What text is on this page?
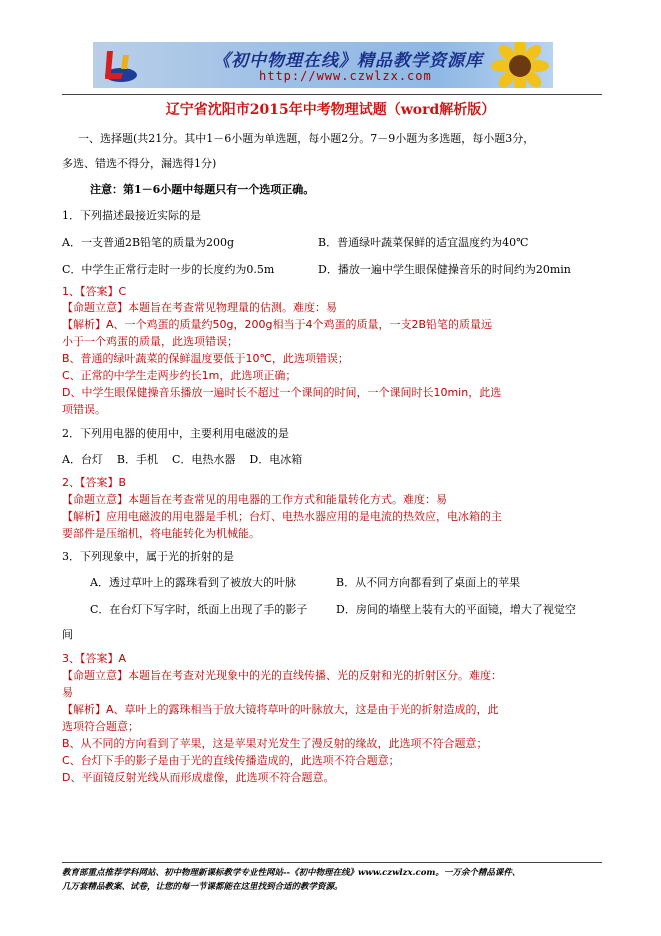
《初中物理在线》精品教学资源库
http://www.czwlzx.com
辽宁省沈阳市2015年中考物理试题（word解析版）
一、选择题(共21分。其中1－6小题为单选题，每小题2分。7－9小题为多选题，每小题3分，
多选、错选不得分，漏选得1分)
注意：第1－6小题中每题只有一个选项正确。
1．下列描述最接近实际的是
A．一支普通2B铅笔的质量为200g	B．普通绿叶蔬菜保鲜的适宜温度约为40℃
C．中学生正常行走时一步的长度约为0.5m	D．播放一遍中学生眼保健操音乐的时间约为20min
1、【答案】C
【命题立意】本题旨在考查常见物理量的估测。难度：易
【解析】A、一个鸡蛋的质量约50g，200g相当于4个鸡蛋的质量，一支2B铅笔的质量远
小于一个鸡蛋的质量，此选项错误；
B、普通的绿叶蔬菜的保鲜温度要低于10℃，此选项错误；
C、正常的中学生走两步约长1m，此选项正确；
D、中学生眼保健操音乐播放一遍时长不超过一个课间的时间，一个课间时长10min，此选
项错误。
2．下列用电器的使用中，主要利用电磁波的是
A．台灯    B．手机    C．电热水器    D．电冰箱
2、【答案】B
【命题立意】本题旨在考查常见的用电器的工作方式和能量转化方式。难度：易
【解析】应用电磁波的用电器是手机；台灯、电热水器应用的是电流的热效应，电冰箱的主
要部件是压缩机，将电能转化为机械能。
3．下列现象中，属于光的折射的是
A．透过草叶上的露珠看到了被放大的叶脉	B．从不同方向都看到了桌面上的苹果
C．在台灯下写字时，纸面上出现了手的影子	D．房间的墙壁上装有大的平面镜，增大了视觉空
间
3、【答案】A
【命题立意】本题旨在考查对光现象中的光的直线传播、光的反射和光的折射区分。难度：
易
【解析】A、草叶上的露珠相当于放大镜将草叶的叶脉放大，这是由于光的折射造成的，此
选项符合题意；
B、从不同的方向看到了苹果，这是苹果对光发生了漫反射的缘故，此选项不符合题意；
C、台灯下手的影子是由于光的直线传播造成的，此选项不符合题意；
D、平面镜反射光线从而形成虚像，此选项不符合题意。
教育部重点推荐学科网站、初中物理新课标教学专业性网站--《初中物理在线》www.czwlzx.com。一万余个精品课件、
几万套精品教案、试卷，让您的每一节课都能在这里找到合适的教学资源。
